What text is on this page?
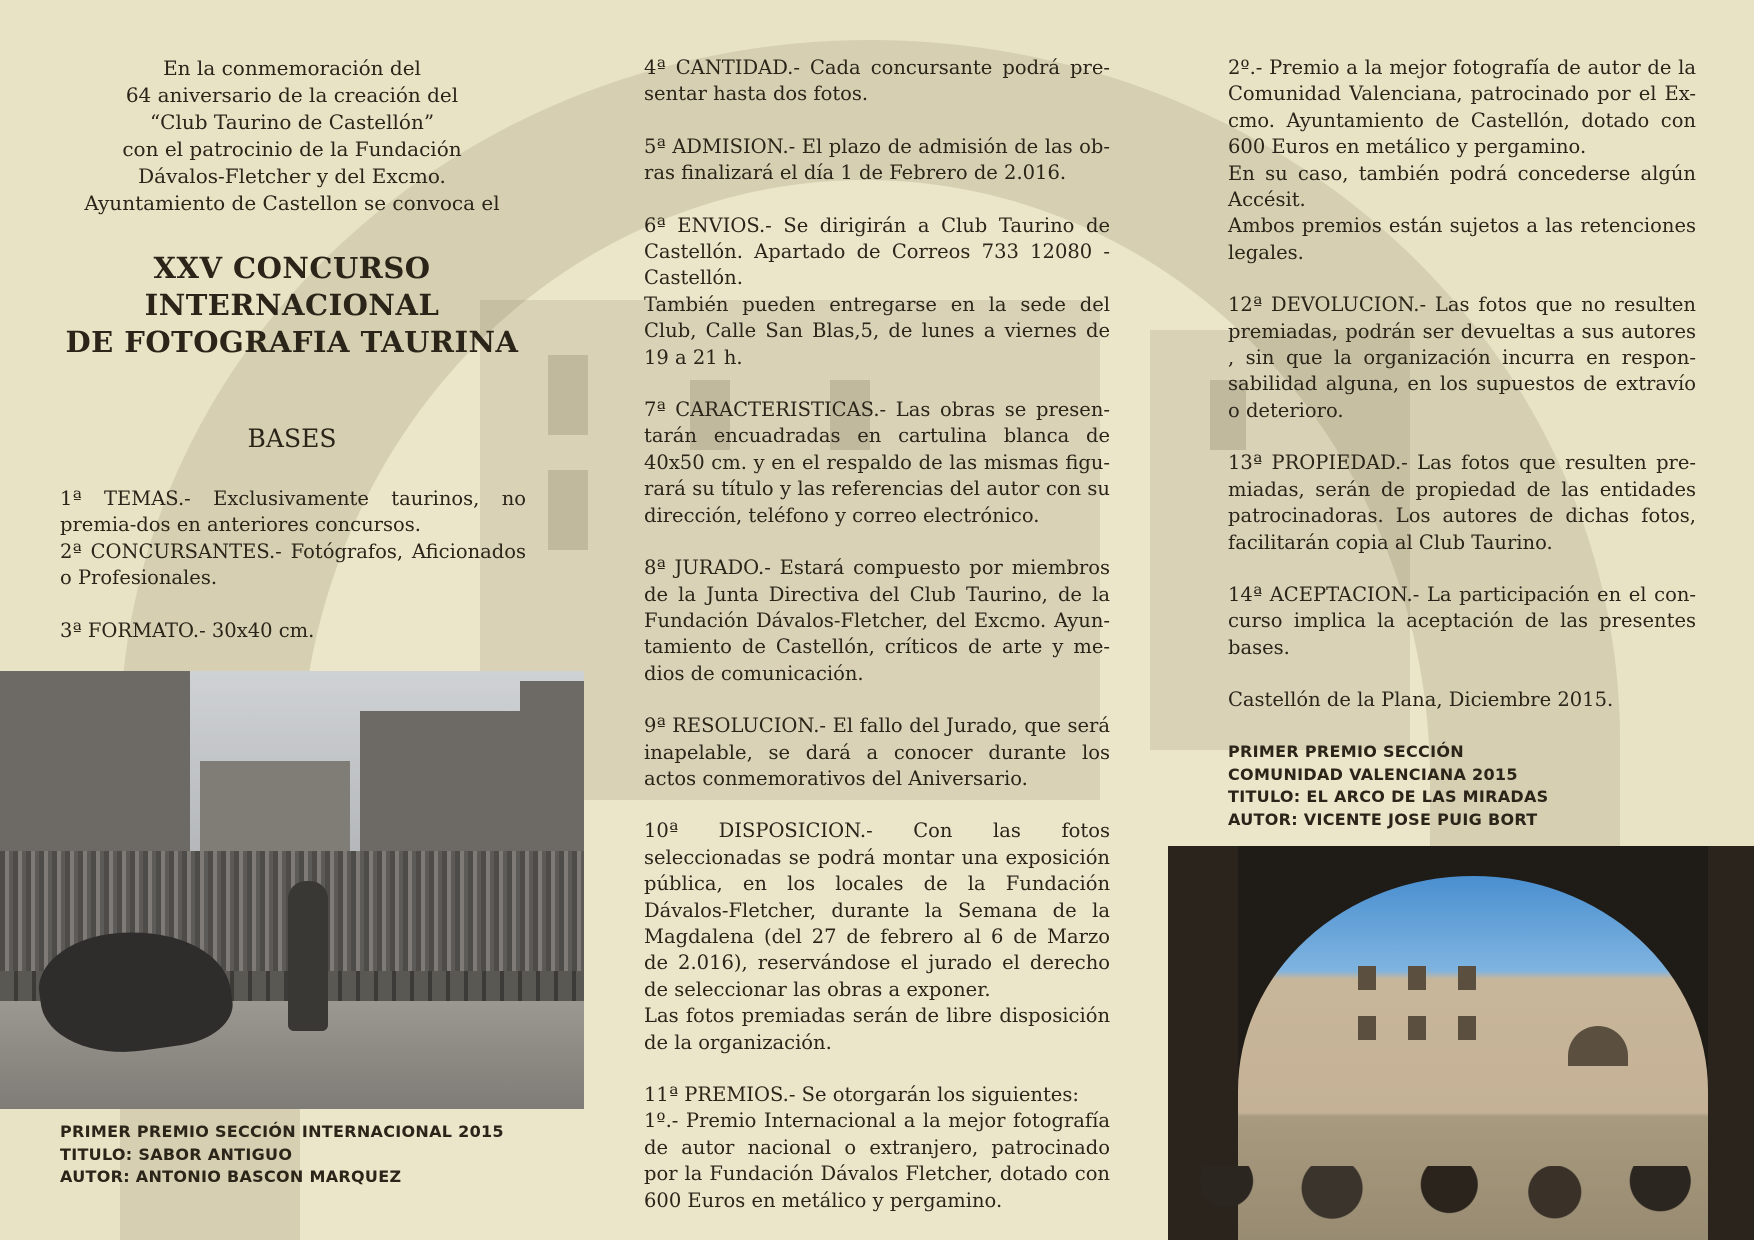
En la conmemoración del
64 aniversario de la creación del
“Club Taurino de Castellón”
con el patrocinio de la Fundación
Dávalos-Fletcher y del Excmo.
Ayuntamiento de Castellon se convoca el
XXV CONCURSO
INTERNACIONAL
DE FOTOGRAFIA TAURINA
BASES

1ª TEMAS.- Exclusivamente taurinos, no premia-dos en anteriores concursos.
2ª CONCURSANTES.- Fotógrafos, Aficionados o Profesionales.

3ª FORMATO.- 30x40 cm.

PRIMER PREMIO SECCIÓN INTERNACIONAL 2015
TITULO: SABOR ANTIGUO
AUTOR: ANTONIO BASCON MARQUEZ

4ª CANTIDAD.- Cada concursante podrá pre-sentar hasta dos fotos.

5ª ADMISION.- El plazo de admisión de las ob-ras finalizará el día 1 de Febrero de 2.016.

6ª ENVIOS.- Se dirigirán a Club Taurino de Castellón. Apartado de Correos 733 12080 - Castellón.
También pueden entregarse en la sede del Club, Calle San Blas,5, de lunes a viernes de 19 a 21 h.

7ª CARACTERISTICAS.- Las obras se presen-tarán encuadradas en cartulina blanca de 40x50 cm. y en el respaldo de las mismas figu-rará su título y las referencias del autor con su dirección, teléfono y correo electrónico.

8ª JURADO.- Estará compuesto por miembros de la Junta Directiva del Club Taurino, de la Fundación Dávalos-Fletcher, del Excmo. Ayun-tamiento de Castellón, críticos de arte y me-dios de comunicación.

9ª RESOLUCION.- El fallo del Jurado, que será inapelable, se dará a conocer durante los actos conmemorativos del Aniversario.

10ª DISPOSICION.- Con las fotos seleccionadas se podrá montar una exposición pública, en los locales de la Fundación Dávalos-Fletcher, durante la Semana de la Magdalena (del 27 de febrero al 6 de Marzo de 2.016), reservándose el jurado el derecho de seleccionar las obras a exponer.
Las fotos premiadas serán de libre disposición de la organización.

11ª PREMIOS.- Se otorgarán los siguientes:
1º.- Premio Internacional a la mejor fotografía de autor nacional o extranjero, patrocinado por la Fundación Dávalos Fletcher, dotado con 600 Euros en metálico y pergamino.

2º.- Premio a la mejor fotografía de autor de la Comunidad Valenciana, patrocinado por el Ex-cmo. Ayuntamiento de Castellón, dotado con 600 Euros en metálico y pergamino.
En su caso, también podrá concederse algún Accésit.
Ambos premios están sujetos a las retenciones legales.

12ª DEVOLUCION.- Las fotos que no resulten premiadas, podrán ser devueltas a sus autores , sin que la organización incurra en respon-sabilidad alguna, en los supuestos de extravío o deterioro.

13ª PROPIEDAD.- Las fotos que resulten pre-miadas, serán de propiedad de las entidades patrocinadoras. Los autores de dichas fotos, facilitarán copia al Club Taurino.

14ª ACEPTACION.- La participación en el con-curso implica la aceptación de las presentes bases.

Castellón de la Plana, Diciembre 2015.

PRIMER PREMIO SECCIÓN
COMUNIDAD VALENCIANA 2015
TITULO: EL ARCO DE LAS MIRADAS
AUTOR: VICENTE JOSE PUIG BORT
